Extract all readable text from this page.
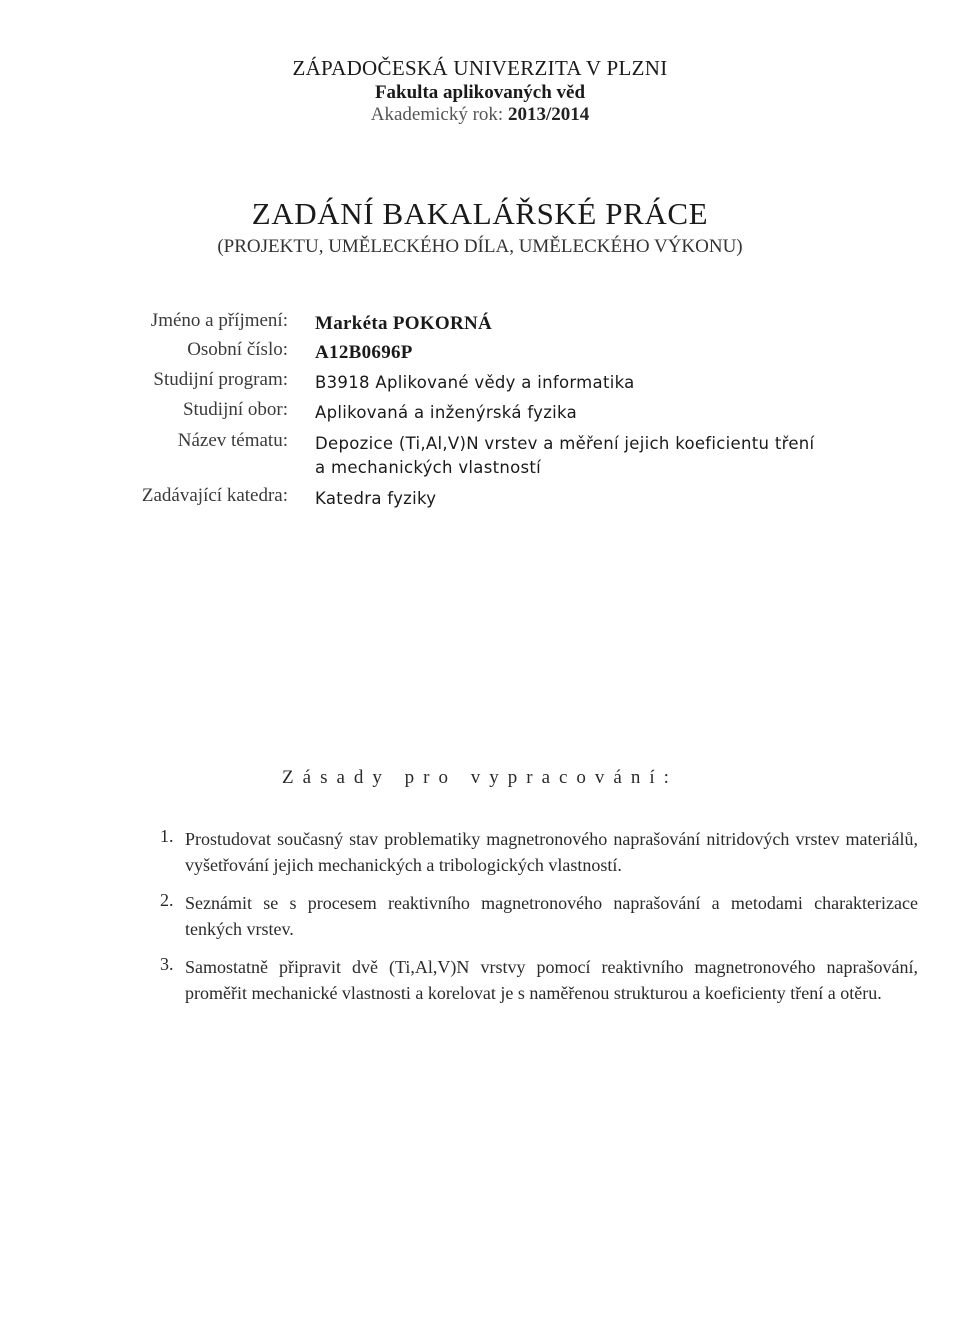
ZÁPADOČESKÁ UNIVERZITA V PLZNI
Fakulta aplikovaných věd
Akademický rok: 2013/2014
ZADÁNÍ BAKALÁŘSKÉ PRÁCE
(PROJEKTU, UMĚLECKÉHO DÍLA, UMĚLECKÉHO VÝKONU)
Jméno a příjmení: Markéta POKORNÁ
Osobní číslo: A12B0696P
Studijní program: B3918 Aplikované vědy a informatika
Studijní obor: Aplikovaná a inženýrská fyzika
Název tématu: Depozice (Ti,Al,V)N vrstev a měření jejich koeficientu tření
a mechanických vlastností
Zadávající katedra: Katedra fyziky
Zásady pro vypracování:
1. Prostudovat současný stav problematiky magnetronového naprašování nitridových vrstev materiálů, vyšetřování jejich mechanických a tribologických vlastností.
2. Seznámit se s procesem reaktivního magnetronového naprašování a metodami charakterizace tenkých vrstev.
3. Samostatně připravit dvě (Ti,Al,V)N vrstvy pomocí reaktivního magnetronového naprašování, proměřit mechanické vlastnosti a korelovat je s naměřenou strukturou a koeficienty tření a otěru.
